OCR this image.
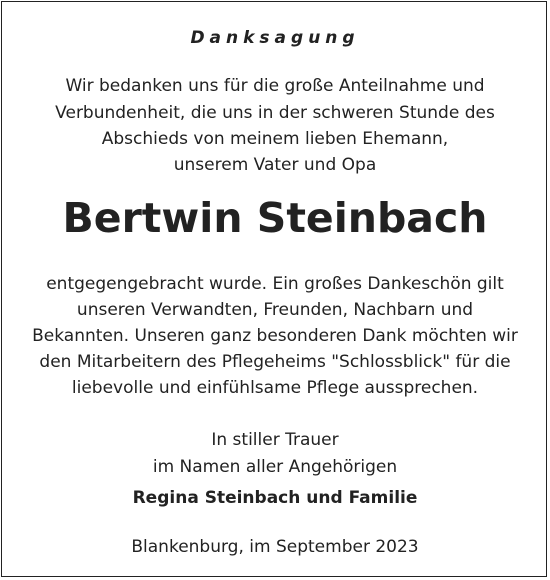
Danksagung
Wir bedanken uns für die große Anteilnahme und
Verbundenheit, die uns in der schweren Stunde des
Abschieds von meinem lieben Ehemann,
unserem Vater und Opa
Bertwin Steinbach
entgegengebracht wurde. Ein großes Dankeschön gilt
unseren Verwandten, Freunden, Nachbarn und
Bekannten. Unseren ganz besonderen Dank möchten wir
den Mitarbeitern des Pflegeheims "Schlossblick" für die
liebevolle und einfühlsame Pflege aussprechen.
In stiller Trauer
im Namen aller Angehörigen
Regina Steinbach und Familie
Blankenburg, im September 2023
